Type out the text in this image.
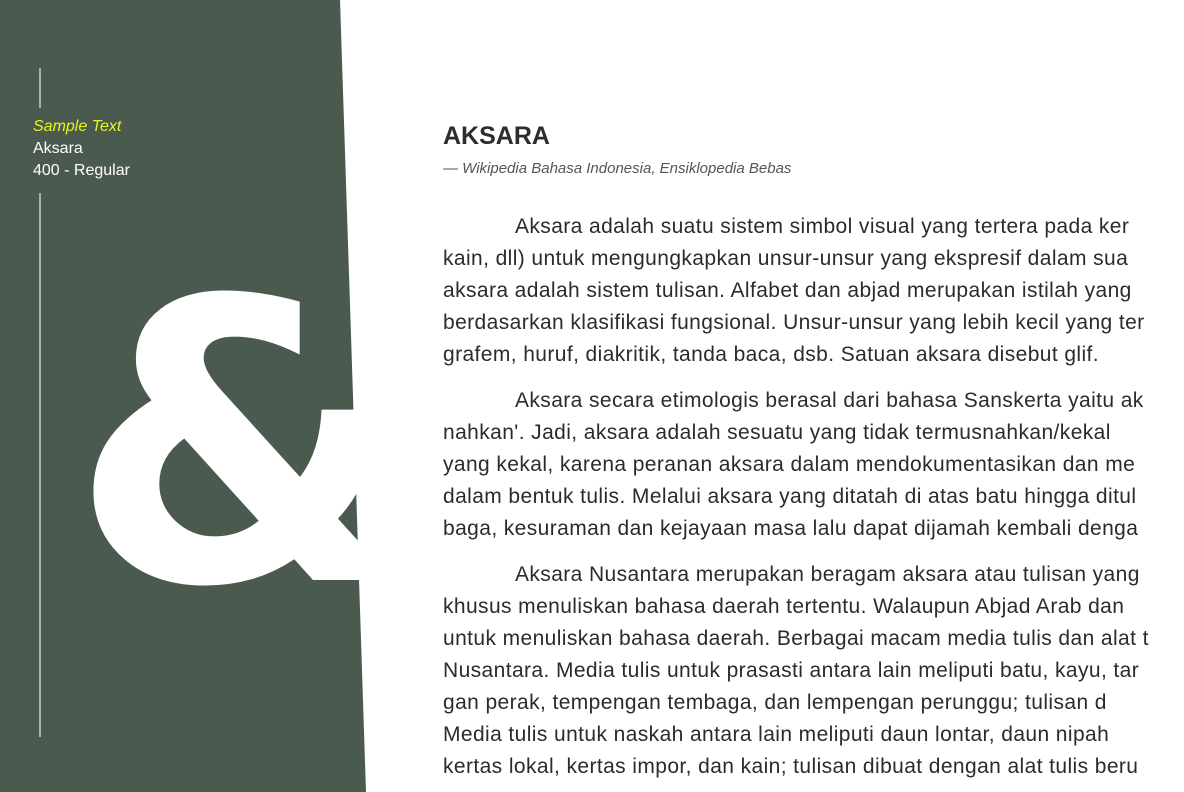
Sample Text
Aksara
400 - Regular
&
AKSARA
— Wikipedia Bahasa Indonesia, Ensiklopedia Bebas
Aksara adalah suatu sistem simbol visual yang tertera pada ker
kain, dll) untuk mengungkapkan unsur-unsur yang ekspresif dalam sua
aksara adalah sistem tulisan. Alfabet dan abjad merupakan istilah yang
berdasarkan klasifikasi fungsional. Unsur-unsur yang lebih kecil yang ter
grafem, huruf, diakritik, tanda baca, dsb. Satuan aksara disebut glif.
Aksara secara etimologis berasal dari bahasa Sanskerta yaitu ak
nahkan'. Jadi, aksara adalah sesuatu yang tidak termusnahkan/kekal
yang kekal, karena peranan aksara dalam mendokumentasikan dan me
dalam bentuk tulis. Melalui aksara yang ditatah di atas batu hingga ditul
baga, kesuraman dan kejayaan masa lalu dapat dijamah kembali denga
Aksara Nusantara merupakan beragam aksara atau tulisan yang
khusus menuliskan bahasa daerah tertentu. Walaupun Abjad Arab dan
untuk menuliskan bahasa daerah. Berbagai macam media tulis dan alat t
Nusantara. Media tulis untuk prasasti antara lain meliputi batu, kayu, tar
gan perak, tempengan tembaga, dan lempengan perunggu; tulisan d
Media tulis untuk naskah antara lain meliputi daun lontar, daun nipah
kertas lokal, kertas impor, dan kain; tulisan dibuat dengan alat tulis beru
